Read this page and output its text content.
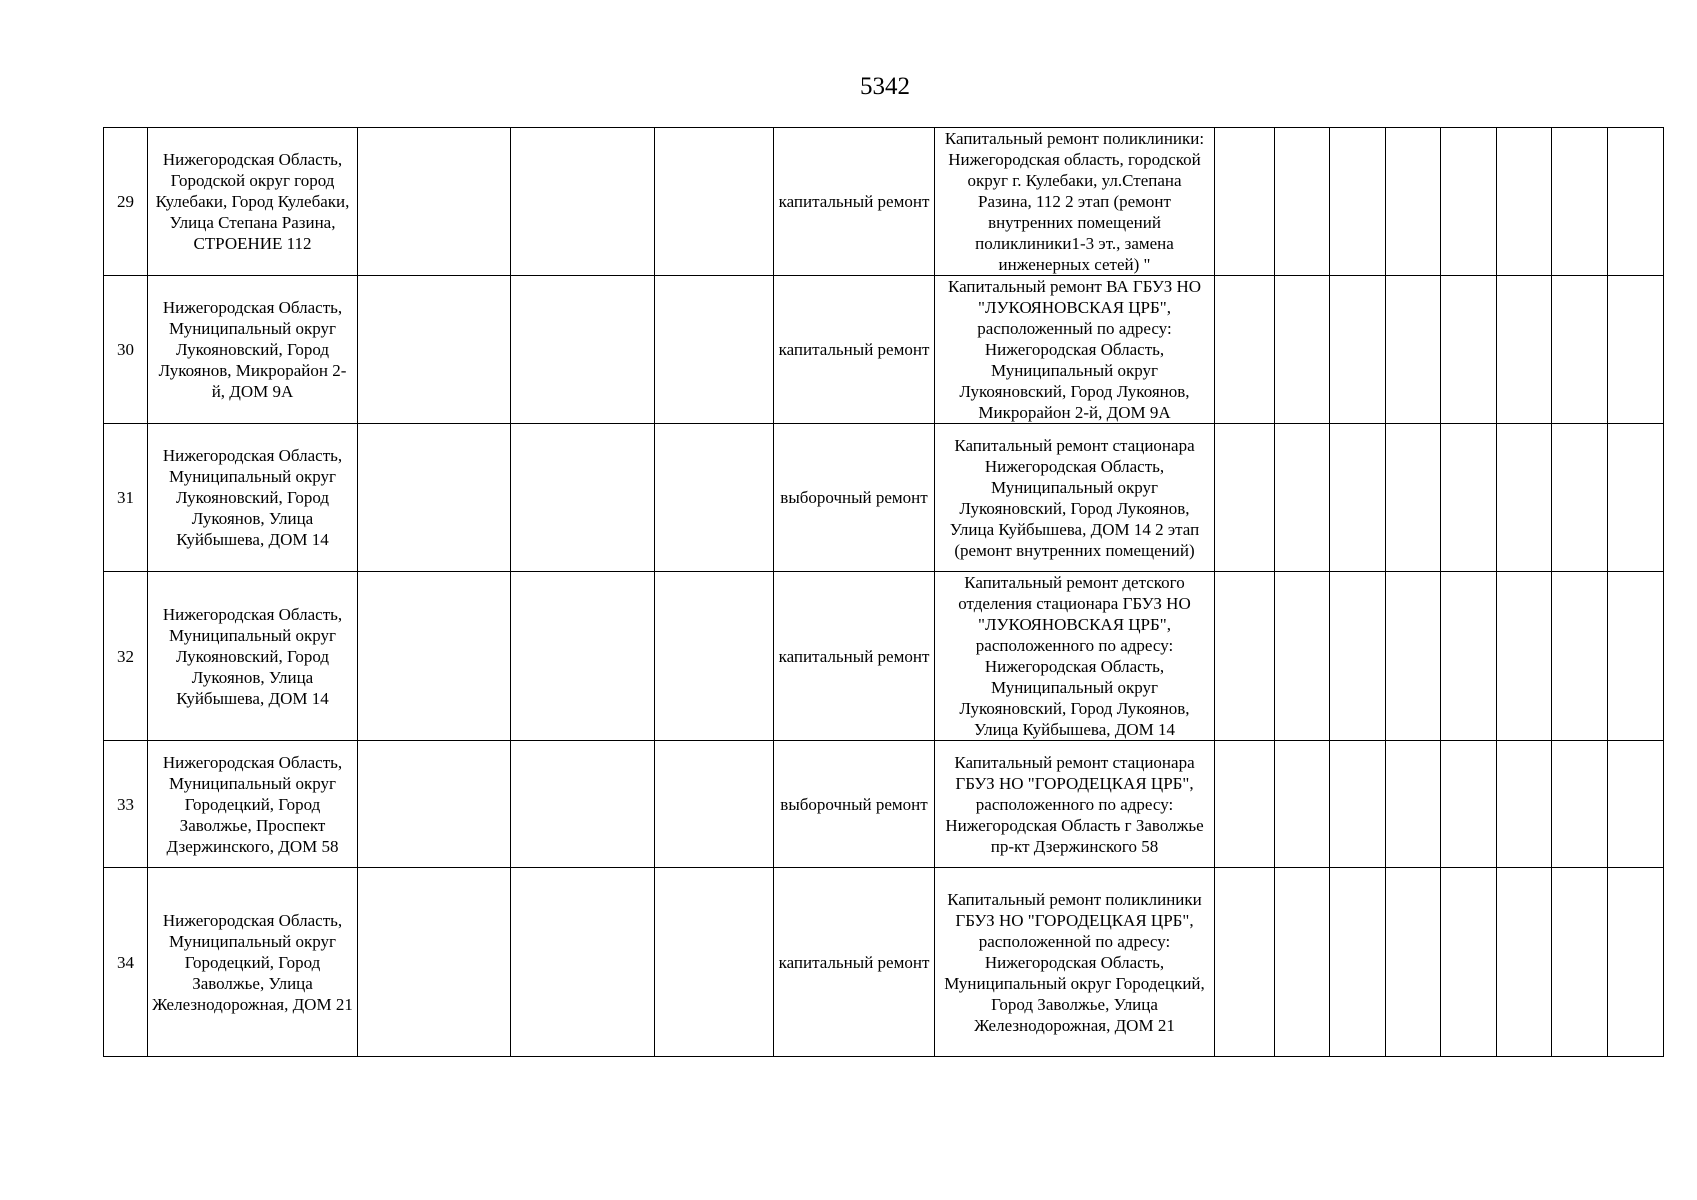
5342
29	Нижегородская Область, Городской округ город Кулебаки, Город Кулебаки, Улица Степана Разина, СТРОЕНИЕ 112				капитальный ремонт	Капитальный ремонт поликлиники: Нижегородская область, городской округ г. Кулебаки, ул.Степана Разина, 112 2 этап (ремонт внутренних помещений поликлиники1-3 эт., замена инженерных сетей) "								
30	Нижегородская Область, Муниципальный округ Лукояновский, Город Лукоянов, Микрорайон 2-й, ДОМ 9А				капитальный ремонт	Капитальный ремонт ВА ГБУЗ НО "ЛУКОЯНОВСКАЯ ЦРБ", расположенный по адресу: Нижегородская Область, Муниципальный округ Лукояновский, Город Лукоянов, Микрорайон 2-й, ДОМ 9А								
31	Нижегородская Область, Муниципальный округ Лукояновский, Город Лукоянов, Улица Куйбышева, ДОМ 14				выборочный ремонт	Капитальный ремонт стационара Нижегородская Область, Муниципальный округ Лукояновский, Город Лукоянов, Улица Куйбышева, ДОМ 14 2 этап (ремонт внутренних помещений)								
32	Нижегородская Область, Муниципальный округ Лукояновский, Город Лукоянов, Улица Куйбышева, ДОМ 14				капитальный ремонт	Капитальный ремонт детского отделения стационара ГБУЗ НО "ЛУКОЯНОВСКАЯ ЦРБ", расположенного по адресу: Нижегородская Область, Муниципальный округ Лукояновский, Город Лукоянов, Улица Куйбышева, ДОМ 14								
33	Нижегородская Область, Муниципальный округ Городецкий, Город Заволжье, Проспект Дзержинского, ДОМ 58				выборочный ремонт	Капитальный ремонт стационара ГБУЗ НО "ГОРОДЕЦКАЯ ЦРБ", расположенного по адресу: Нижегородская Область г Заволжье пр-кт Дзержинского 58								
34	Нижегородская Область, Муниципальный округ Городецкий, Город Заволжье, Улица Железнодорожная, ДОМ 21				капитальный ремонт	Капитальный ремонт поликлиники ГБУЗ НО "ГОРОДЕЦКАЯ ЦРБ", расположенной по адресу: Нижегородская Область, Муниципальный округ Городецкий, Город Заволжье, Улица Железнодорожная, ДОМ 21								
